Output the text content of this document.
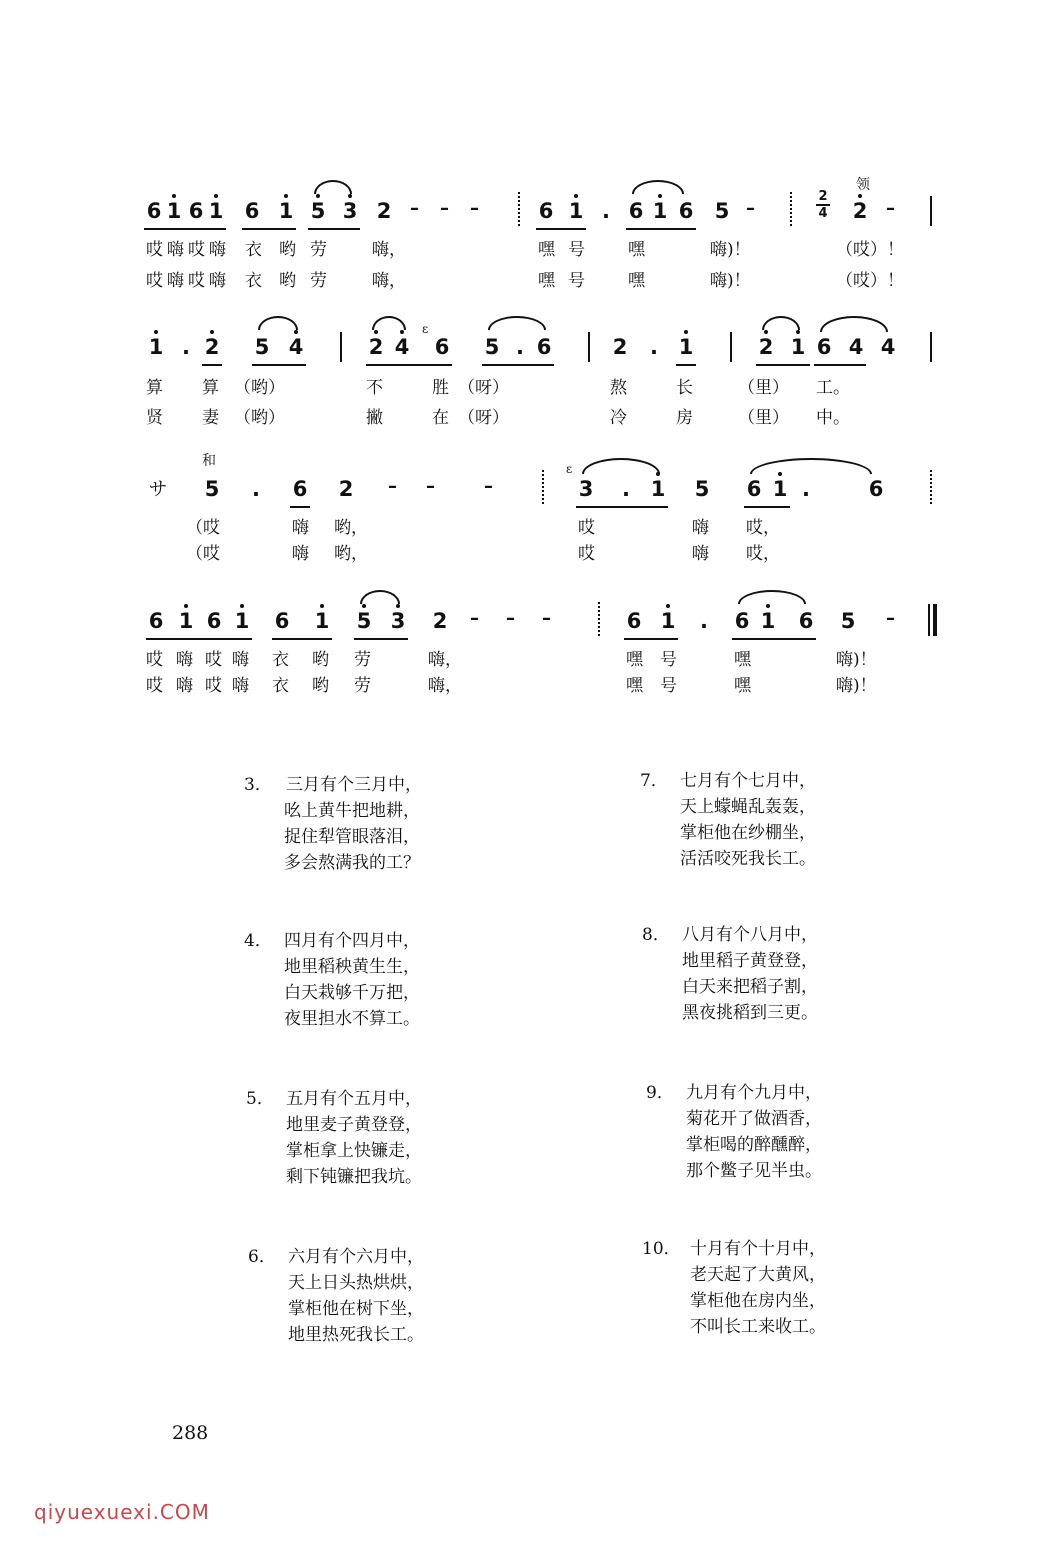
领
6 1 6 1 6 1 5 3 2 – – –	6 1 . 6 1 6 5 –
2
4 2 –
哎 嗨 哎 嗨 衣 哟 劳	嗨，	嘿 号	嘿	嗨)！	（哎）！
哎 嗨 哎 嗨 衣 哟 劳	嗨，	嘿 号	嘿	嗨)！	（哎）！
1 . 2 5 4	2 4
ɛ
6 5 . 6	2 . 1	2 1 6 4 4
算 算 （哟）	不	胜 （呀）	熬	长	（里） 工。
贤 妻 （哟）	撇	在 （呀）	冷	房	（里） 中。
和
サ 5 . 6 2 – –	–
ɛ
3 . 1 5 6 1 .	6
（哎	嗨 哟，	哎	嗨 哎，
（哎	嗨 哟，	哎	嗨 哎，
6 1 6 1 6 1 5 3 2 – – –	6 1 . 6 1 6 5 –
哎 嗨 哎 嗨 衣 哟 劳	嗨，	嘿 号	嘿	嗨)！
哎 嗨 哎 嗨 衣 哟 劳	嗨，	嘿 号	嘿	嗨)！
3． 三月有个三月中，
吆上黄牛把地耕，
捉住犁管眼落泪，
多会熬满我的工？
7． 七月有个七月中，
天上蠓蝇乱轰轰，
掌柜他在纱棚坐，
活活咬死我长工。
4． 四月有个四月中，
地里稻秧黄生生，
白天栽够千万把，
夜里担水不算工。
8． 八月有个八月中，
地里稻子黄登登，
白天来把稻子割，
黑夜挑稻到三更。
5． 五月有个五月中，
地里麦子黄登登，
掌柜拿上快镰走，
剩下钝镰把我坑。
9． 九月有个九月中，
菊花开了做酒香，
掌柜喝的醉醺醉，
那个鳖子见半虫。
6． 六月有个六月中，
天上日头热烘烘，
掌柜他在树下坐，
地里热死我长工。
10． 十月有个十月中，
老天起了大黄风，
掌柜他在房内坐，
不叫长工来收工。
288
qiyuexuexi.COM
